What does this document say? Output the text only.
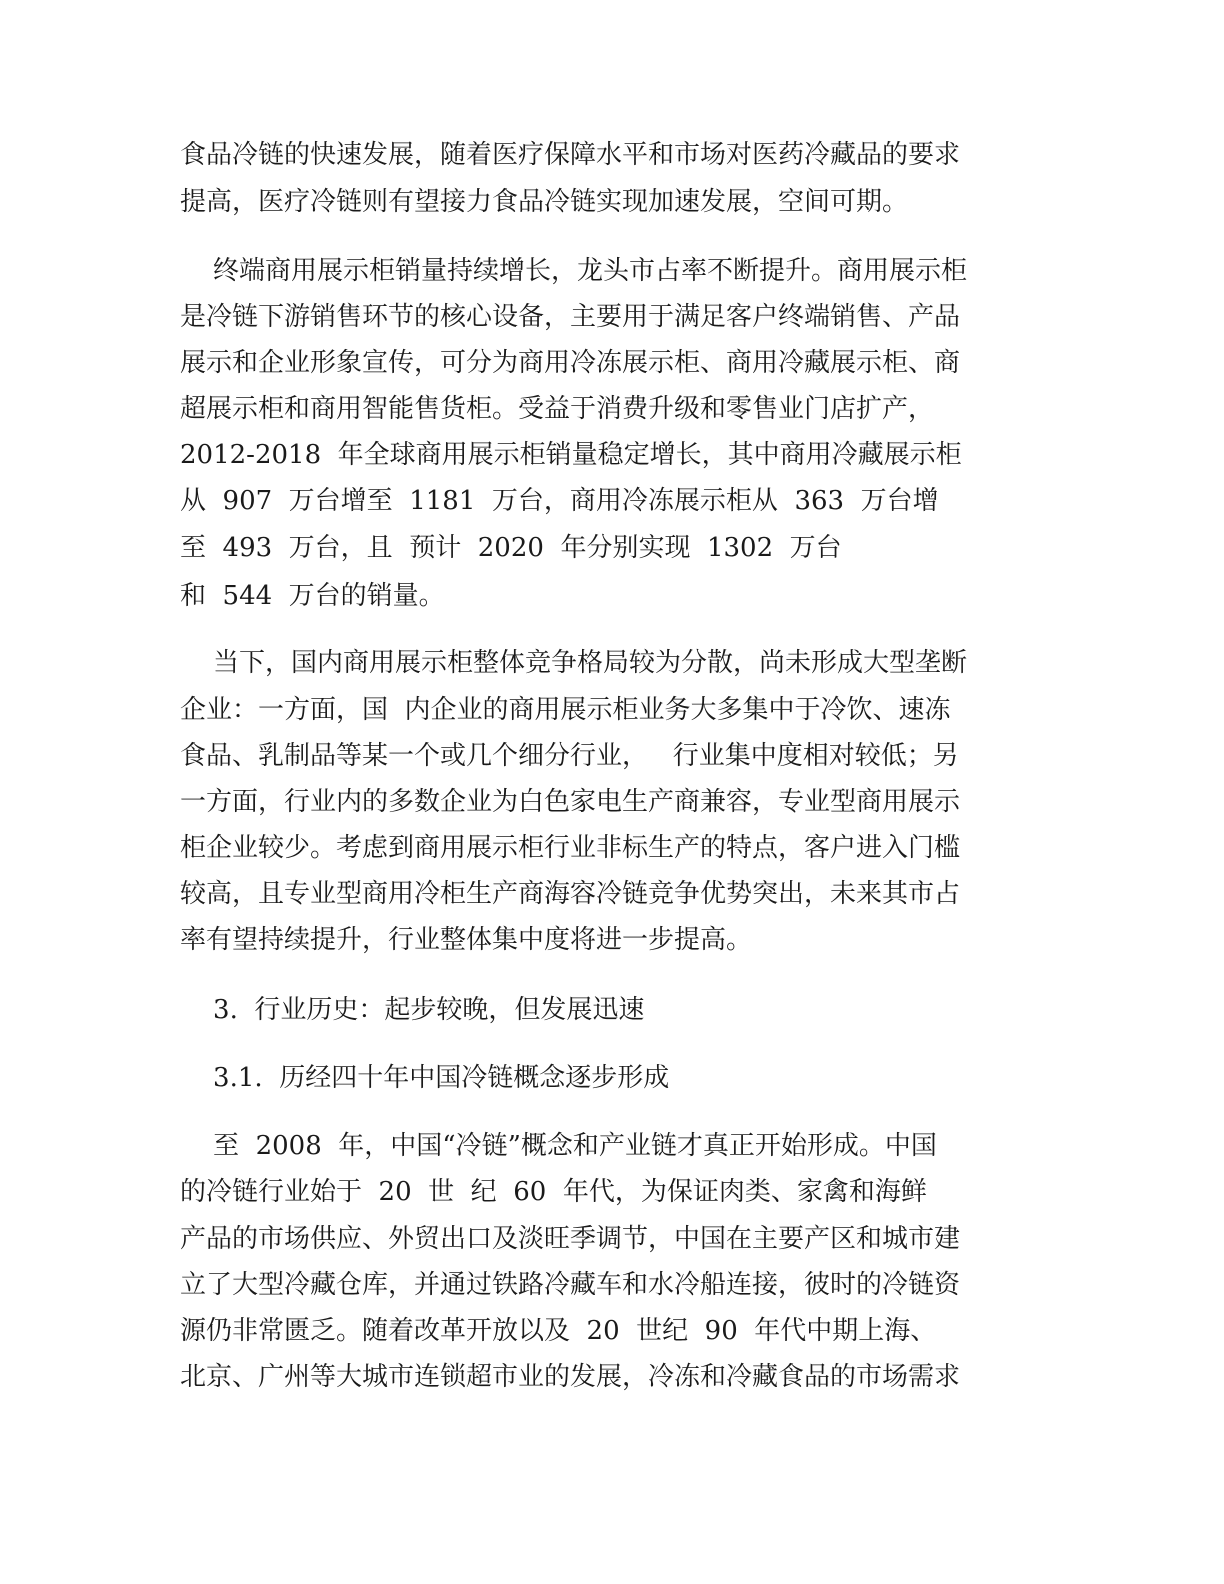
食品冷链的快速发展，随着医疗保障水平和市场对医药冷藏品的要求
提高，医疗冷链则有望接力食品冷链实现加速发展，空间可期。
终端商用展示柜销量持续增长，龙头市占率不断提升。商用展示柜
是冷链下游销售环节的核心设备，主要用于满足客户终端销售、产品
展示和企业形象宣传，可分为商用冷冻展示柜、商用冷藏展示柜、商
超展示柜和商用智能售货柜。受益于消费升级和零售业门店扩产，
2012-2018  年全球商用展示柜销量稳定增长，其中商用冷藏展示柜
从  907  万台增至  1181  万台，商用冷冻展示柜从  363  万台增
至  493  万台，且  预计  2020  年分别实现  1302  万台
和  544  万台的销量。
当下，国内商用展示柜整体竞争格局较为分散，尚未形成大型垄断
企业：一方面，国  内企业的商用展示柜业务大多集中于冷饮、速冻
食品、乳制品等某一个或几个细分行业，   行业集中度相对较低；另
一方面，行业内的多数企业为白色家电生产商兼容，专业型商用展示
柜企业较少。考虑到商用展示柜行业非标生产的特点，客户进入门槛
较高，且专业型商用冷柜生产商海容冷链竞争优势突出，未来其市占
率有望持续提升，行业整体集中度将进一步提高。
3.  行业历史：起步较晚，但发展迅速
3.1.  历经四十年中国冷链概念逐步形成
至  2008  年，中国“冷链”概念和产业链才真正开始形成。中国
的冷链行业始于  20  世  纪  60  年代，为保证肉类、家禽和海鲜
产品的市场供应、外贸出口及淡旺季调节，中国在主要产区和城市建
立了大型冷藏仓库，并通过铁路冷藏车和水冷船连接，彼时的冷链资
源仍非常匮乏。随着改革开放以及  20  世纪  90  年代中期上海、
北京、广州等大城市连锁超市业的发展，冷冻和冷藏食品的市场需求
